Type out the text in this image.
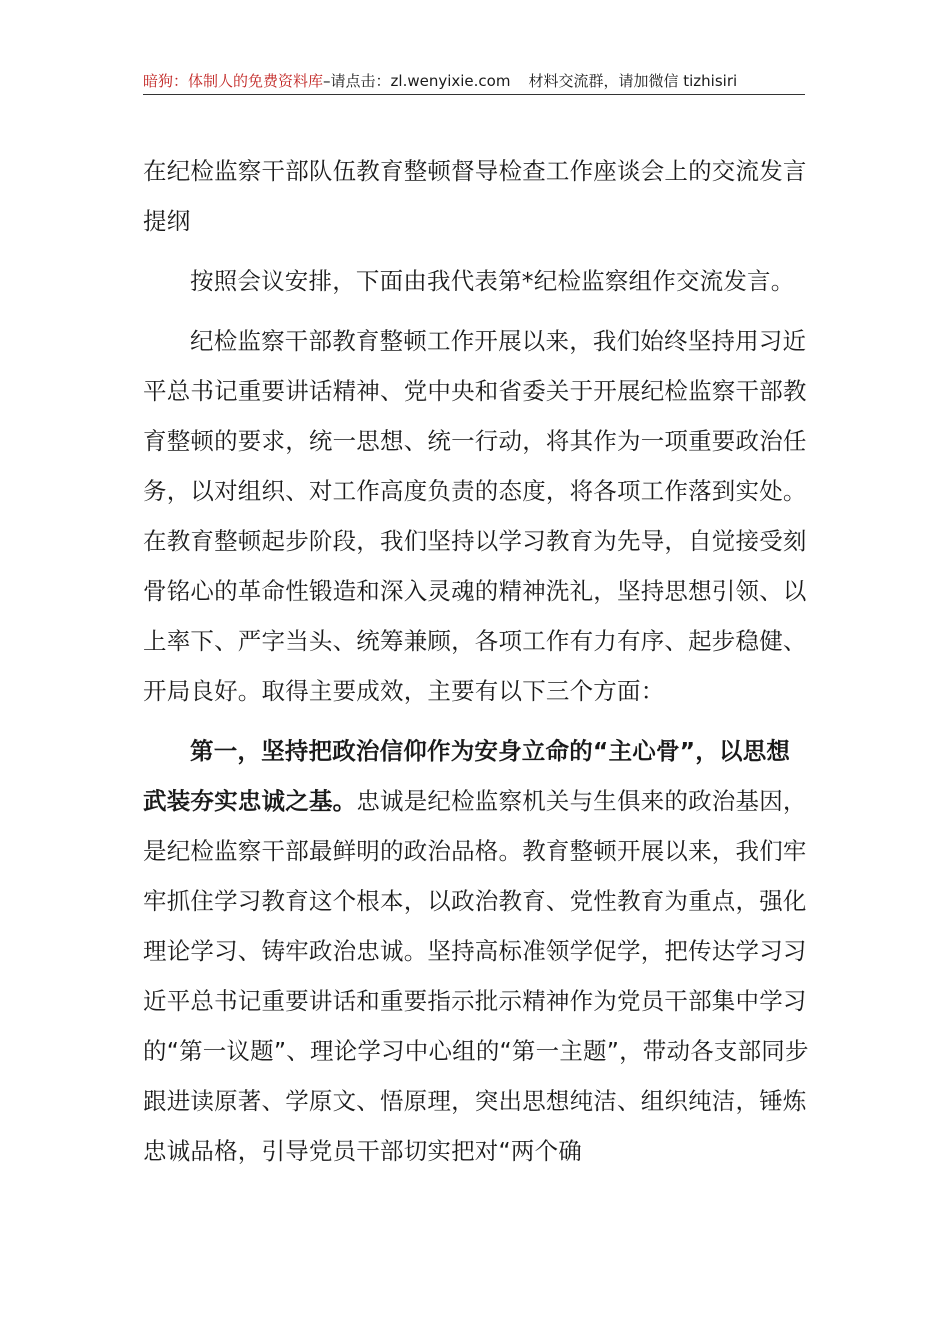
暗狗：体制人的免费资料库–请点击：zl.wenyixie.com 材料交流群，请加微信 tizhisiri

在纪检监察干部队伍教育整顿督导检查工作座谈会上的交流发言提纲

按照会议安排，下面由我代表第*纪检监察组作交流发言。

纪检监察干部教育整顿工作开展以来，我们始终坚持用习近平总书记重要讲话精神、党中央和省委关于开展纪检监察干部教育整顿的要求，统一思想、统一行动，将其作为一项重要政治任务，以对组织、对工作高度负责的态度，将各项工作落到实处。在教育整顿起步阶段，我们坚持以学习教育为先导，自觉接受刻骨铭心的革命性锻造和深入灵魂的精神洗礼，坚持思想引领、以上率下、严字当头、统筹兼顾，各项工作有力有序、起步稳健、开局良好。取得主要成效，主要有以下三个方面：

第一，坚持把政治信仰作为安身立命的“主心骨”，以思想武装夯实忠诚之基。忠诚是纪检监察机关与生俱来的政治基因，是纪检监察干部最鲜明的政治品格。教育整顿开展以来，我们牢牢抓住学习教育这个根本，以政治教育、党性教育为重点，强化理论学习、铸牢政治忠诚。坚持高标准领学促学，把传达学习习近平总书记重要讲话和重要指示批示精神作为党员干部集中学习的“第一议题”、理论学习中心组的“第一主题”，带动各支部同步跟进读原著、学原文、悟原理，突出思想纯洁、组织纯洁，锤炼忠诚品格，引导党员干部切实把对“两个确
